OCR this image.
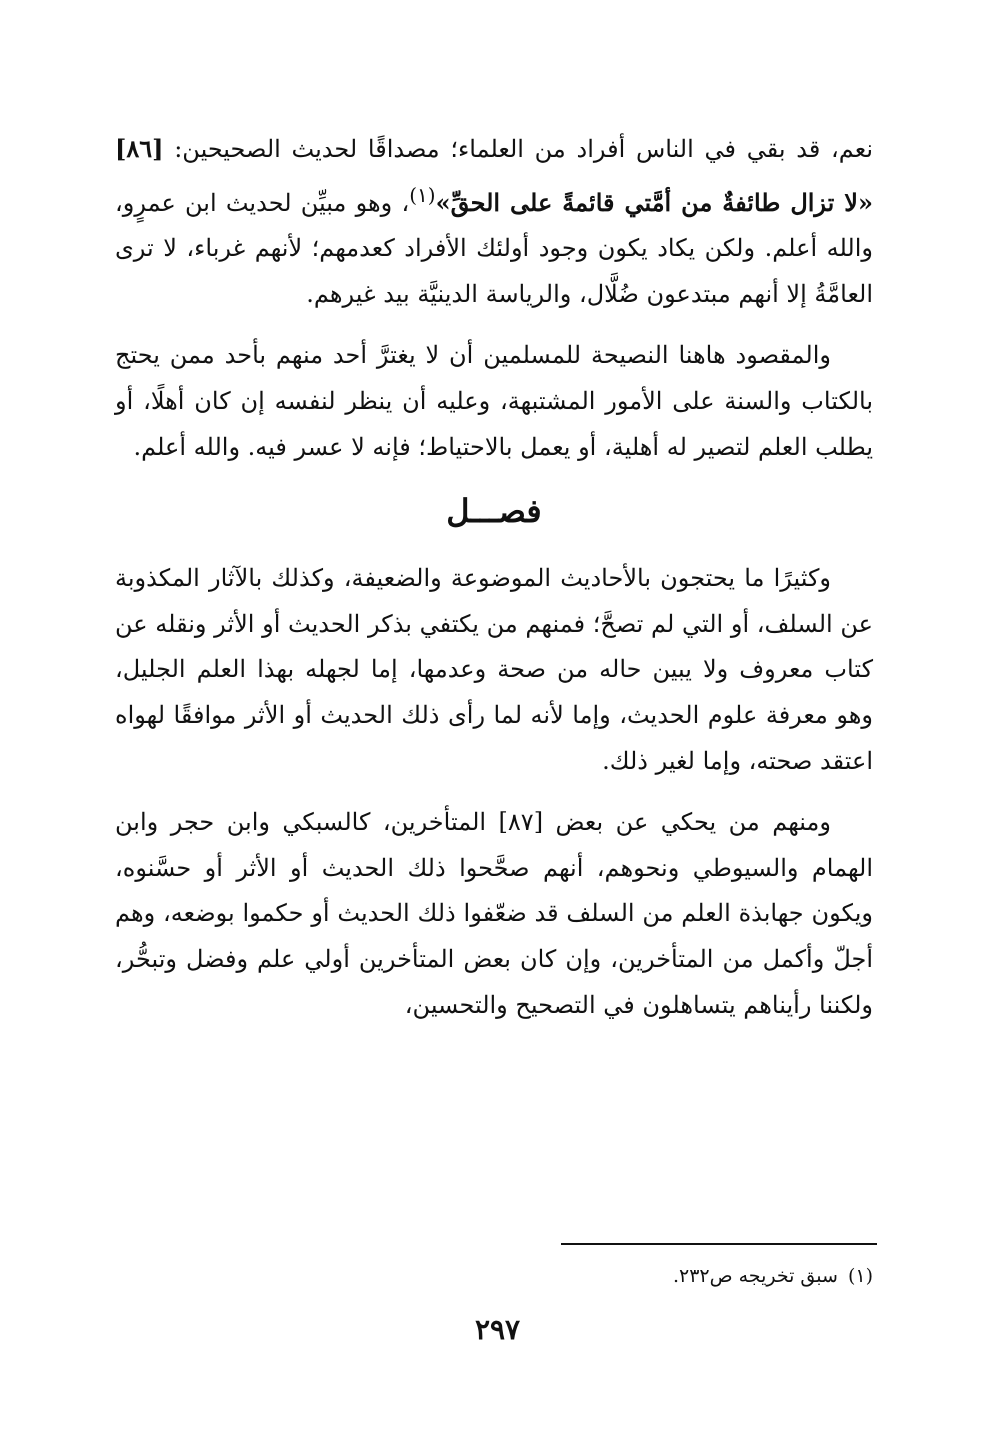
نعم، قد بقي في الناس أفراد من العلماء؛ مصداقًا لحديث الصحيحين: [٨٦] «لا تزال طائفةٌ من أمَّتي قائمةً على الحقِّ»$^{(١)}$، وهو مبيِّن لحديث ابن عمرٍو، والله أعلم. ولكن يكاد يكون وجود أولئك الأفراد كعدمهم؛ لأنهم غرباء، لا ترى العامَّةُ إلا أنهم مبتدعون ضُلَّال، والرياسة الدينيَّة بيد غيرهم.

والمقصود هاهنا النصيحة للمسلمين أن لا يغترَّ أحد منهم بأحد ممن يحتج بالكتاب والسنة على الأمور المشتبهة، وعليه أن ينظر لنفسه إن كان أهلًا، أو يطلب العلم لتصير له أهلية، أو يعمل بالاحتياط؛ فإنه لا عسر فيه. والله أعلم.

فصـــل

وكثيرًا ما يحتجون بالأحاديث الموضوعة والضعيفة، وكذلك بالآثار المكذوبة عن السلف، أو التي لم تصحَّ؛ فمنهم من يكتفي بذكر الحديث أو الأثر ونقله عن كتاب معروف ولا يبين حاله من صحة وعدمها، إما لجهله بهذا العلم الجليل، وهو معرفة علوم الحديث، وإما لأنه لما رأى ذلك الحديث أو الأثر موافقًا لهواه اعتقد صحته، وإما لغير ذلك.

ومنهم من يحكي عن بعض [٨٧] المتأخرين، كالسبكي وابن حجر وابن الهمام والسيوطي ونحوهم، أنهم صحَّحوا ذلك الحديث أو الأثر أو حسَّنوه، ويكون جهابذة العلم من السلف قد ضعّفوا ذلك الحديث أو حكموا بوضعه، وهم أجلّ وأكمل من المتأخرين، وإن كان بعض المتأخرين أولي علم وفضل وتبحُّر، ولكننا رأيناهم يتساهلون في التصحيح والتحسين،

(١)سبق تخريجه ص٢٣٢.
٢٩٧
